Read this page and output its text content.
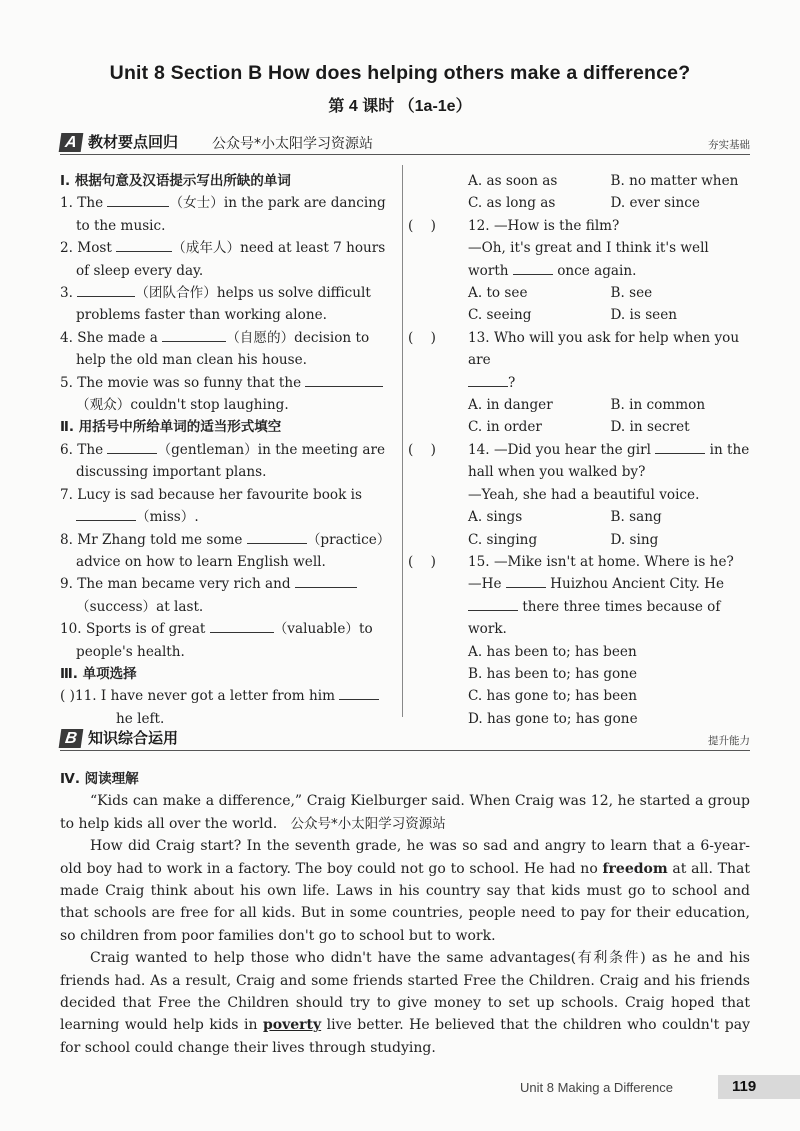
Unit 8 Section B How does helping others make a difference?
第 4 课时 （1a-1e）
A 教材要点回归 公众号*小太阳学习资源站	夯实基础
Ⅰ. 根据句意及汉语提示写出所缺的单词
1. The	（女士）in the park are dancing
to the music.
2. Most	（成年人）need at least 7 hours
of sleep every day.
3.	（团队合作）helps us solve difficult
problems faster than working alone.
4. She made a	（自愿的）decision to
help the old man clean his house.
5. The movie was so funny that the
（观众）couldn't stop laughing.
Ⅱ. 用括号中所给单词的适当形式填空
6. The	（gentleman）in the meeting are
discussing important plans.
7. Lucy is sad because her favourite book is
（miss）.
8. Mr Zhang told me some	（practice）
advice on how to learn English well.
9. The man became very rich and
（success）at last.
10. Sports is of great	（valuable）to
people's health.
Ⅲ. 单项选择
( )11. I have never got a letter from him
he left.
A. as soon as	B. no matter when
C. as long as	D. ever since
(    )	12. —How is the film?
—Oh, it's great and I think it's well
worth	once again.
A. to see	B. see
C. seeing	D. is seen
(    )	13. Who will you ask for help when you are
?
A. in danger	B. in common
C. in order	D. in secret
(    )	14. —Did you hear the girl	in the
hall when you walked by?
—Yeah, she had a beautiful voice.
A. sings	B. sang
C. singing	D. sing
(    )	15. —Mike isn't at home. Where is he?
—He	Huizhou Ancient City. He
there three times because of
work.
A. has been to; has been
B. has been to; has gone
C. has gone to; has been
D. has gone to; has gone
B 知识综合运用	提升能力
Ⅳ. 阅读理解

“Kids can make a difference,” Craig Kielburger said. When Craig was 12, he started a group to help kids all over the world. 公众号*小太阳学习资源站

How did Craig start? In the seventh grade, he was so sad and angry to learn that a 6-year-old boy had to work in a factory. The boy could not go to school. He had no freedom at all. That made Craig think about his own life. Laws in his country say that kids must go to school and that schools are free for all kids. But in some countries, people need to pay for their education, so children from poor families don't go to school but to work.

Craig wanted to help those who didn't have the same advantages(有利条件) as he and his friends had. As a result, Craig and some friends started Free the Children. Craig and his friends decided that Free the Children should try to give money to set up schools. Craig hoped that learning would help kids in poverty live better. He believed that the children who couldn't pay for school could change their lives through studying.

Unit 8 Making a Difference	119
